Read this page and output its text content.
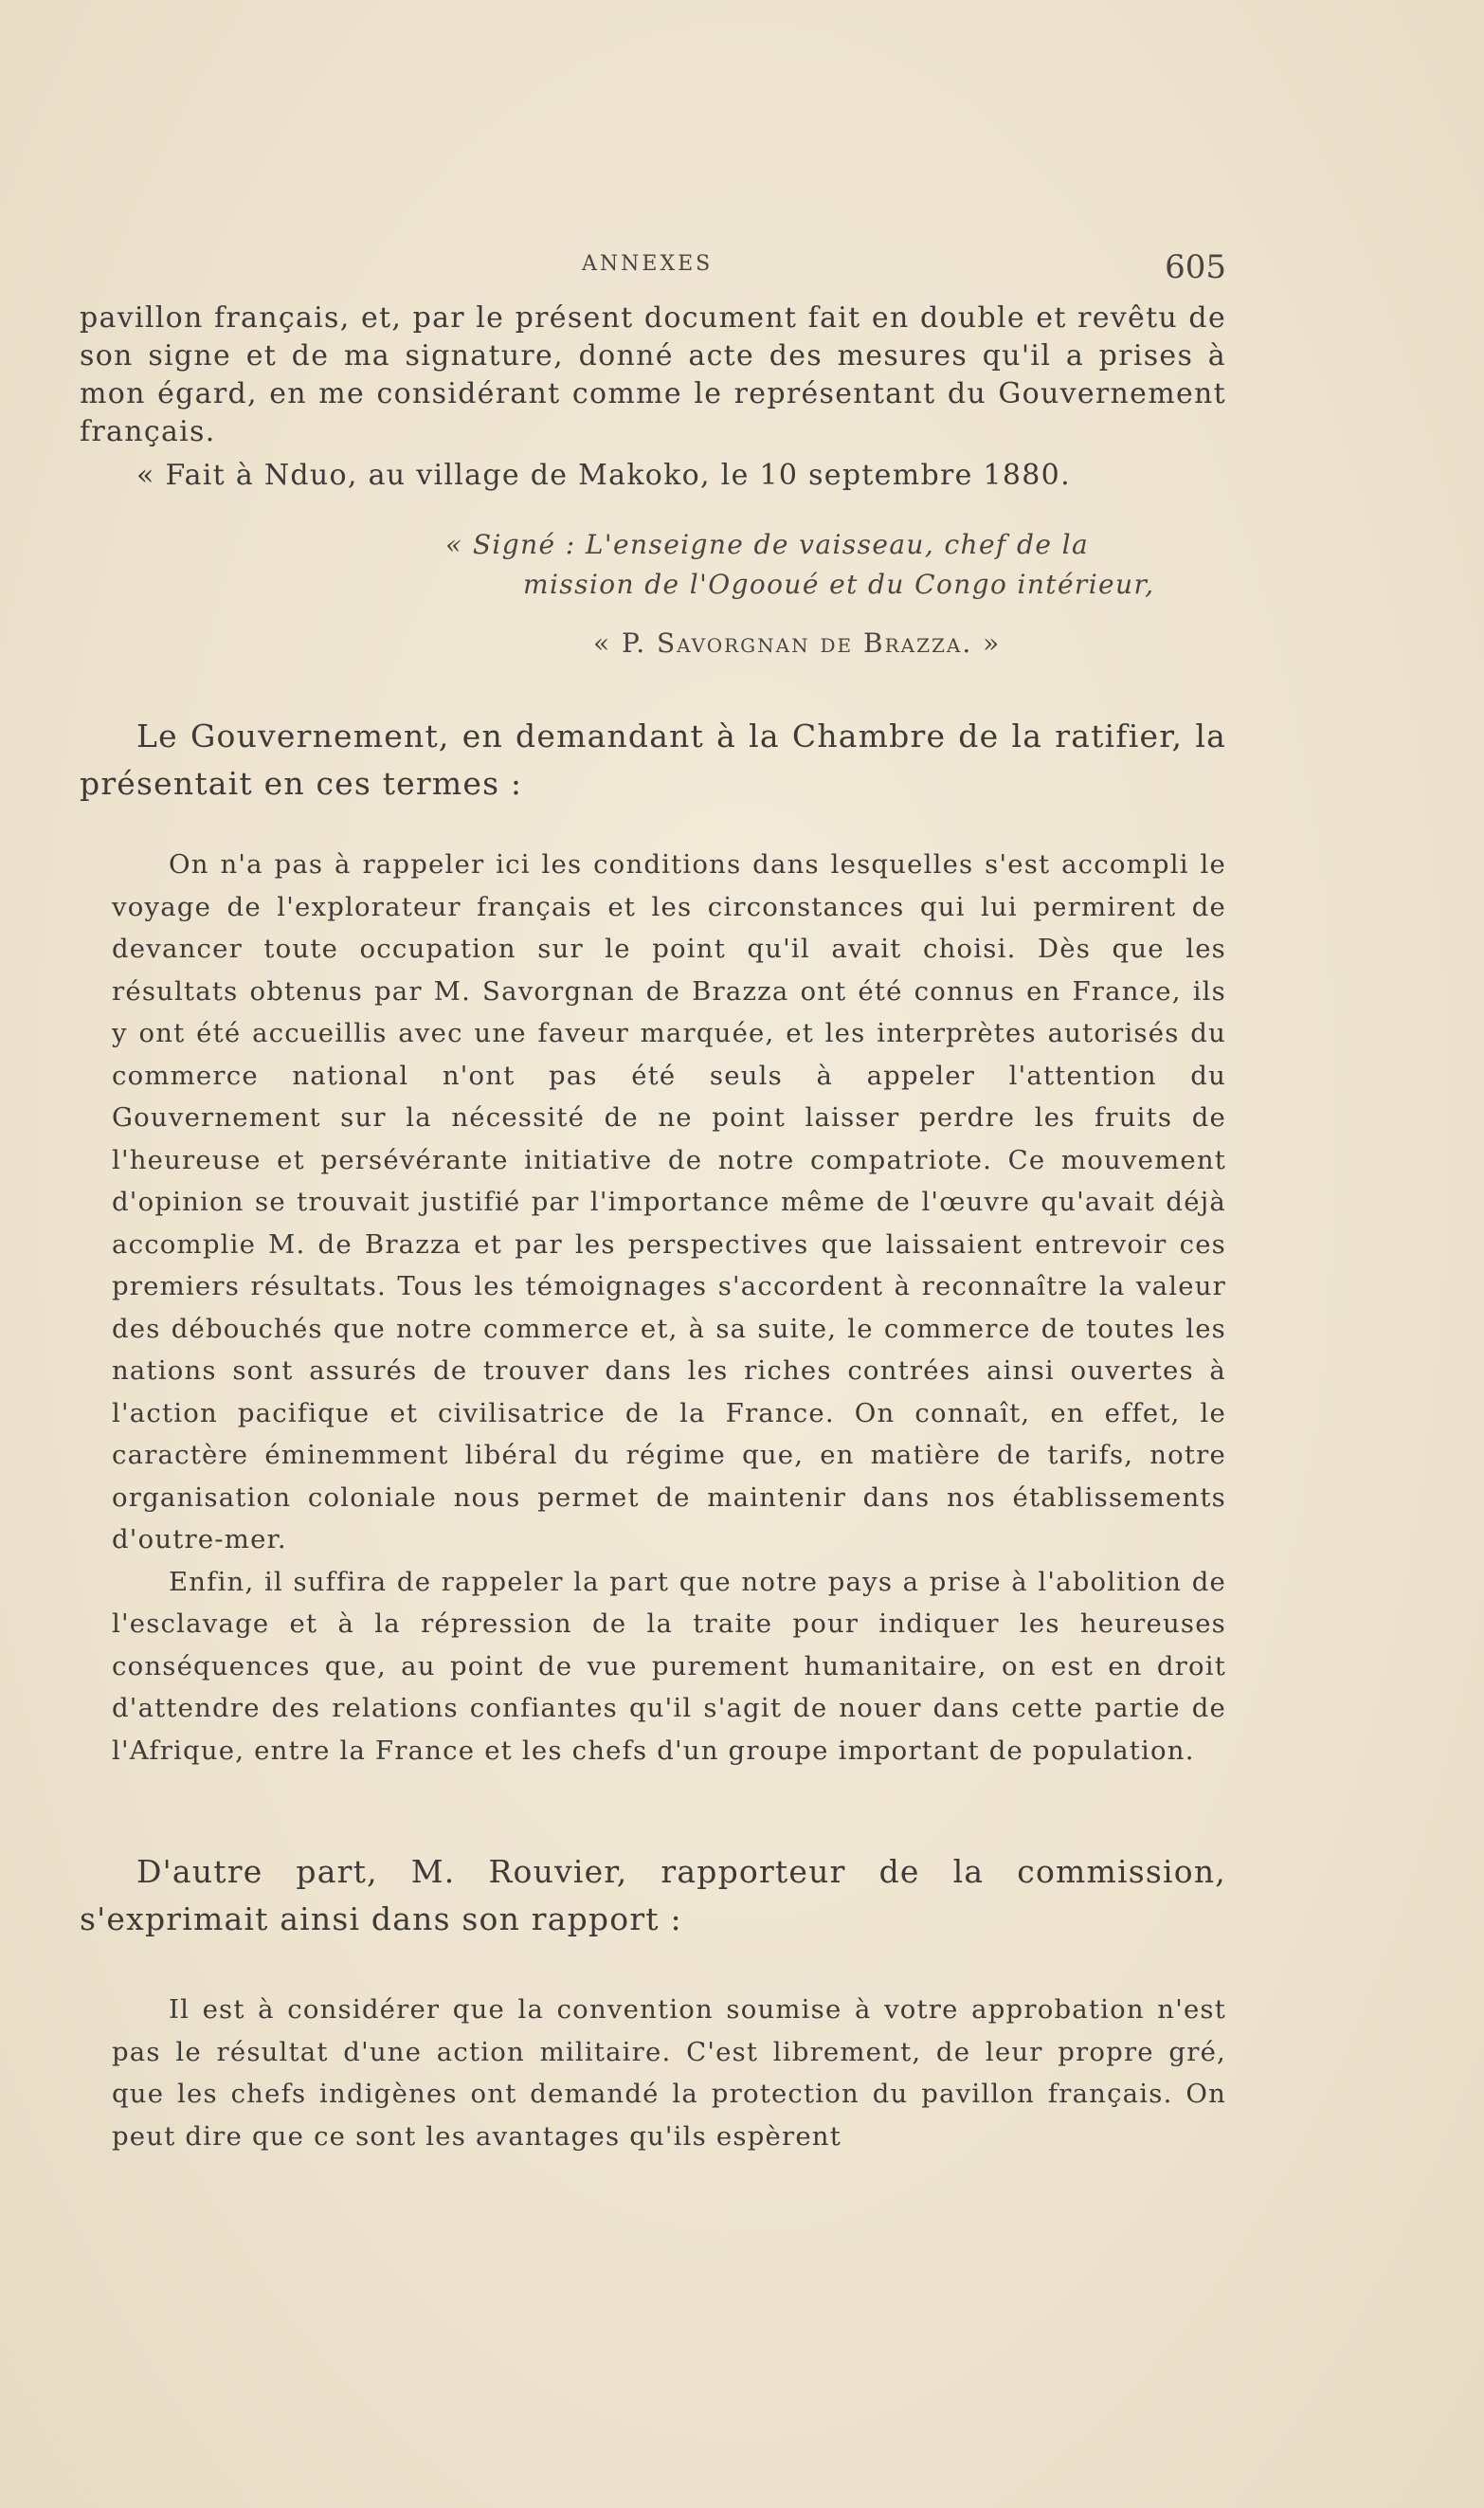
ANNEXES	605

pavillon français, et, par le présent document fait en double et revêtu de son signe et de ma signature, donné acte des mesures qu'il a prises à mon égard, en me considérant comme le représentant du Gouvernement français.

« Fait à Nduo, au village de Makoko, le 10 septembre 1880.

« Signé : L'enseigne de vaisseau, chef de la
mission de l'Ogooué et du Congo intérieur,
« P. Savorgnan de Brazza. »

Le Gouvernement, en demandant à la Chambre de la ratifier, la présentait en ces termes :

On n'a pas à rappeler ici les conditions dans lesquelles s'est accompli le voyage de l'explorateur français et les circonstances qui lui permirent de devancer toute occupation sur le point qu'il avait choisi. Dès que les résultats obtenus par M. Savorgnan de Brazza ont été connus en France, ils y ont été accueillis avec une faveur marquée, et les interprètes autorisés du commerce national n'ont pas été seuls à appeler l'attention du Gouvernement sur la nécessité de ne point laisser perdre les fruits de l'heureuse et persévérante initiative de notre compatriote. Ce mouvement d'opinion se trouvait justifié par l'importance même de l'œuvre qu'avait déjà accomplie M. de Brazza et par les perspectives que laissaient entrevoir ces premiers résultats. Tous les témoignages s'accordent à reconnaître la valeur des débouchés que notre commerce et, à sa suite, le commerce de toutes les nations sont assurés de trouver dans les riches contrées ainsi ouvertes à l'action pacifique et civilisatrice de la France. On connaît, en effet, le caractère éminemment libéral du régime que, en matière de tarifs, notre organisation coloniale nous permet de maintenir dans nos établissements d'outre-mer.

Enfin, il suffira de rappeler la part que notre pays a prise à l'abolition de l'esclavage et à la répression de la traite pour indiquer les heureuses conséquences que, au point de vue purement humanitaire, on est en droit d'attendre des relations confiantes qu'il s'agit de nouer dans cette partie de l'Afrique, entre la France et les chefs d'un groupe important de population.

D'autre part, M. Rouvier, rapporteur de la commission, s'exprimait ainsi dans son rapport :

Il est à considérer que la convention soumise à votre approbation n'est pas le résultat d'une action militaire. C'est librement, de leur propre gré, que les chefs indigènes ont demandé la protection du pavillon français. On peut dire que ce sont les avantages qu'ils espèrent
